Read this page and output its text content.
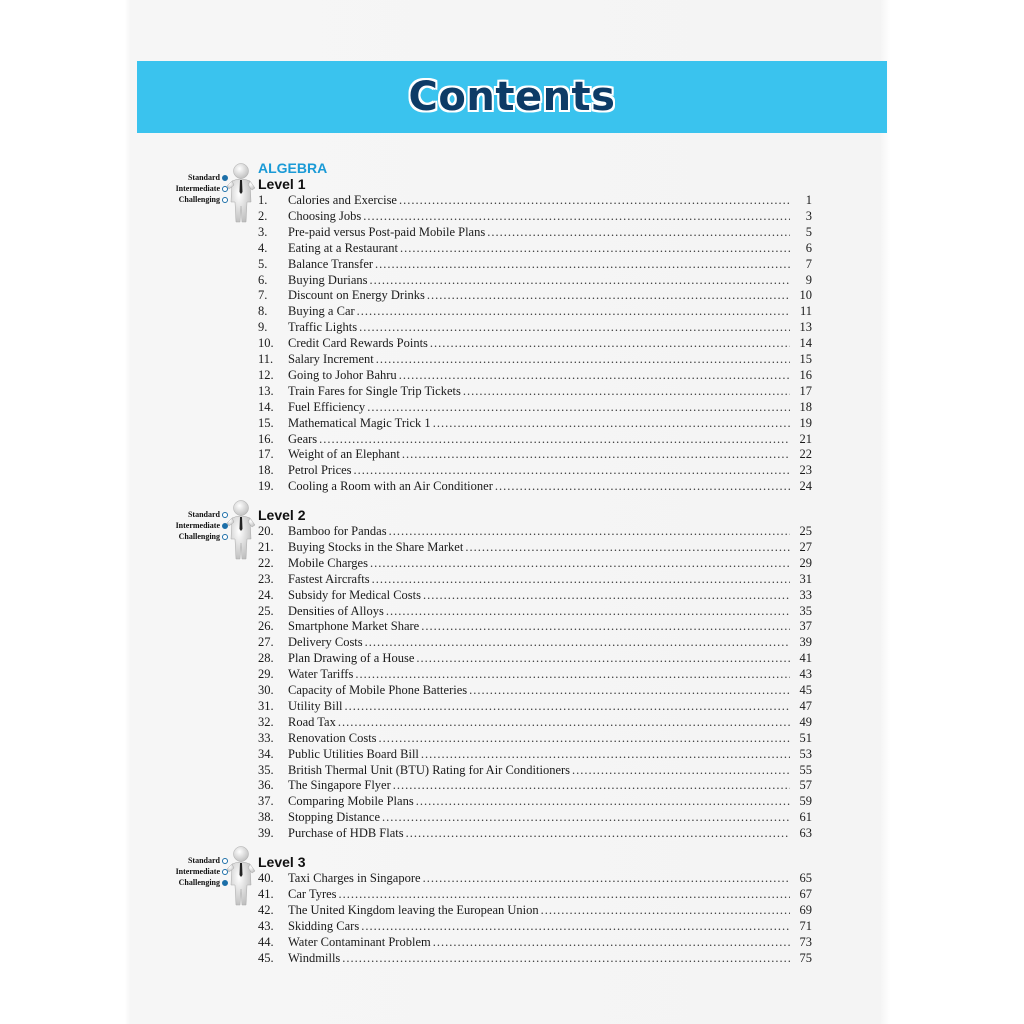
Contents
ALGEBRA
Standard
Intermediate
Challenging
Level 1
1.	Calories and Exercise .....	1
2.	Choosing Jobs .....	3
3.	Pre-paid versus Post-paid Mobile Plans .....	5
4.	Eating at a Restaurant .....	6
5.	Balance Transfer .....	7
6.	Buying Durians .....	9
7.	Discount on Energy Drinks .....	10
8.	Buying a Car .....	11
9.	Traffic Lights .....	13
10.	Credit Card Rewards Points .....	14
11.	Salary Increment .....	15
12.	Going to Johor Bahru .....	16
13.	Train Fares for Single Trip Tickets .....	17
14.	Fuel Efficiency .....	18
15.	Mathematical Magic Trick 1 .....	19
16.	Gears .....	21
17.	Weight of an Elephant .....	22
18.	Petrol Prices .....	23
19.	Cooling a Room with an Air Conditioner .....	24
Standard
Intermediate
Challenging
Level 2
20.	Bamboo for Pandas .....	25
21.	Buying Stocks in the Share Market .....	27
22.	Mobile Charges .....	29
23.	Fastest Aircrafts .....	31
24.	Subsidy for Medical Costs .....	33
25.	Densities of Alloys .....	35
26.	Smartphone Market Share .....	37
27.	Delivery Costs .....	39
28.	Plan Drawing of a House .....	41
29.	Water Tariffs .....	43
30.	Capacity of Mobile Phone Batteries .....	45
31.	Utility Bill .....	47
32.	Road Tax .....	49
33.	Renovation Costs .....	51
34.	Public Utilities Board Bill .....	53
35.	British Thermal Unit (BTU) Rating for Air Conditioners .....	55
36.	The Singapore Flyer .....	57
37.	Comparing Mobile Plans .....	59
38.	Stopping Distance .....	61
39.	Purchase of HDB Flats .....	63
Standard
Intermediate
Challenging
Level 3
40.	Taxi Charges in Singapore .....	65
41.	Car Tyres .....	67
42.	The United Kingdom leaving the European Union .....	69
43.	Skidding Cars .....	71
44.	Water Contaminant Problem .....	73
45.	Windmills .....	75
